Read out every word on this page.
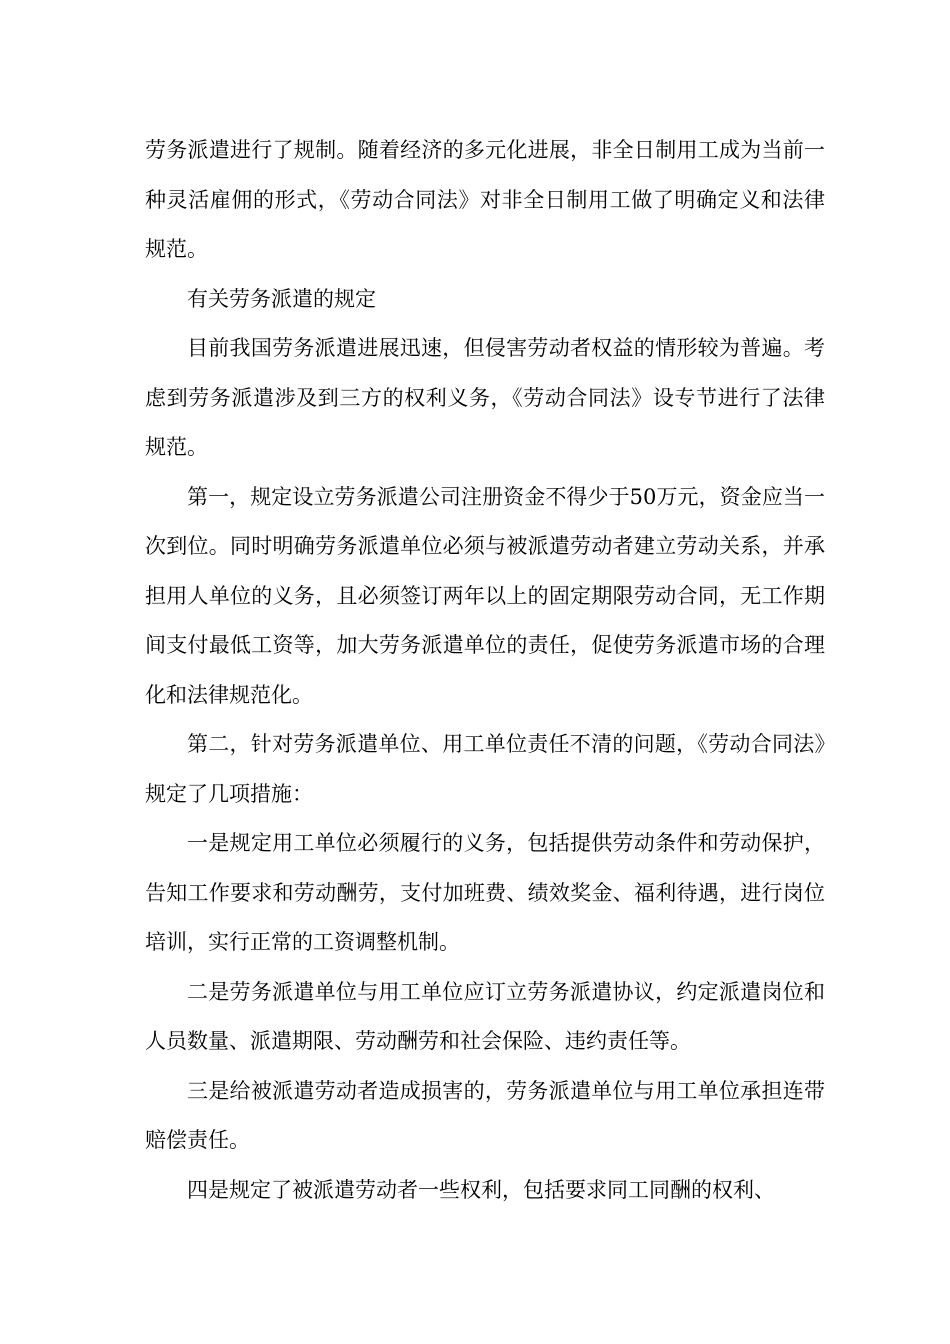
劳务派遣进行了规制。随着经济的多元化进展，非全日制用工成为当前一种灵活雇佣的形式，《劳动合同法》对非全日制用工做了明确定义和法律规范。

有关劳务派遣的规定

目前我国劳务派遣进展迅速，但侵害劳动者权益的情形较为普遍。考虑到劳务派遣涉及到三方的权利义务，《劳动合同法》设专节进行了法律规范。

第一，规定设立劳务派遣公司注册资金不得少于50万元，资金应当一次到位。同时明确劳务派遣单位必须与被派遣劳动者建立劳动关系，并承担用人单位的义务，且必须签订两年以上的固定期限劳动合同，无工作期间支付最低工资等，加大劳务派遣单位的责任，促使劳务派遣市场的合理化和法律规范化。

第二，针对劳务派遣单位、用工单位责任不清的问题，《劳动合同法》规定了几项措施：

一是规定用工单位必须履行的义务，包括提供劳动条件和劳动保护，告知工作要求和劳动酬劳，支付加班费、绩效奖金、福利待遇，进行岗位培训，实行正常的工资调整机制。

二是劳务派遣单位与用工单位应订立劳务派遣协议，约定派遣岗位和人员数量、派遣期限、劳动酬劳和社会保险、违约责任等。

三是给被派遣劳动者造成损害的，劳务派遣单位与用工单位承担连带赔偿责任。

四是规定了被派遣劳动者一些权利，包括要求同工同酬的权利、
